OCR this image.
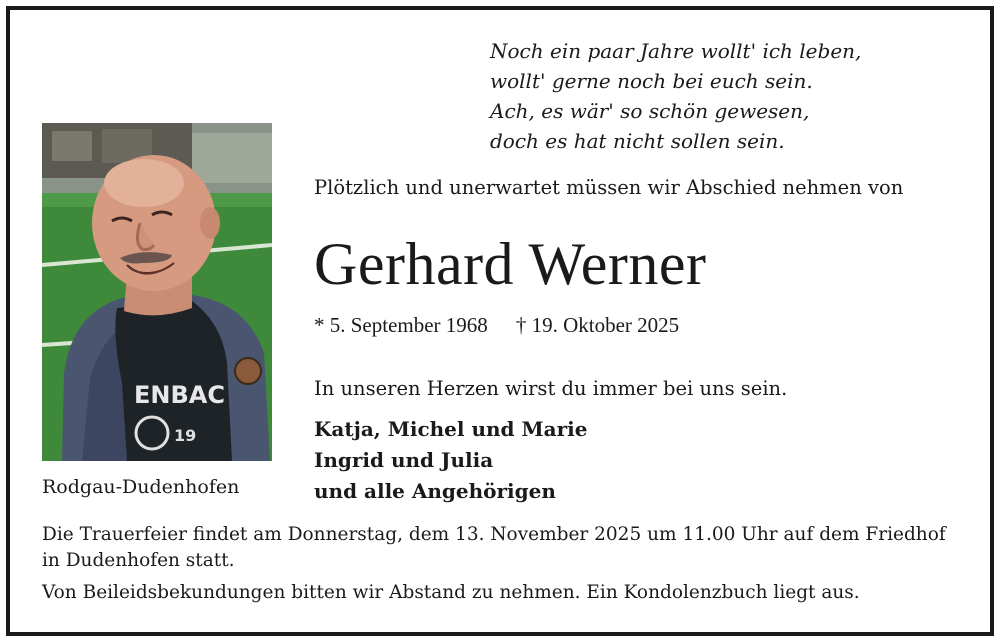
Noch ein paar Jahre wollt' ich leben,
wollt' gerne noch bei euch sein.
Ach, es wär' so schön gewesen,
doch es hat nicht sollen sein.
ENBAC
19
Rodgau-Dudenhofen
Plötzlich und unerwartet müssen wir Abschied nehmen von
Gerhard Werner
* 5. September 1968 † 19. Oktober 2025
In unseren Herzen wirst du immer bei uns sein.
Katja, Michel und Marie
Ingrid und Julia
und alle Angehörigen

Die Trauerfeier findet am Donnerstag, dem 13. November 2025 um 11.00 Uhr auf dem Friedhof in Dudenhofen statt.

Von Beileidsbekundungen bitten wir Abstand zu nehmen. Ein Kondolenzbuch liegt aus.
